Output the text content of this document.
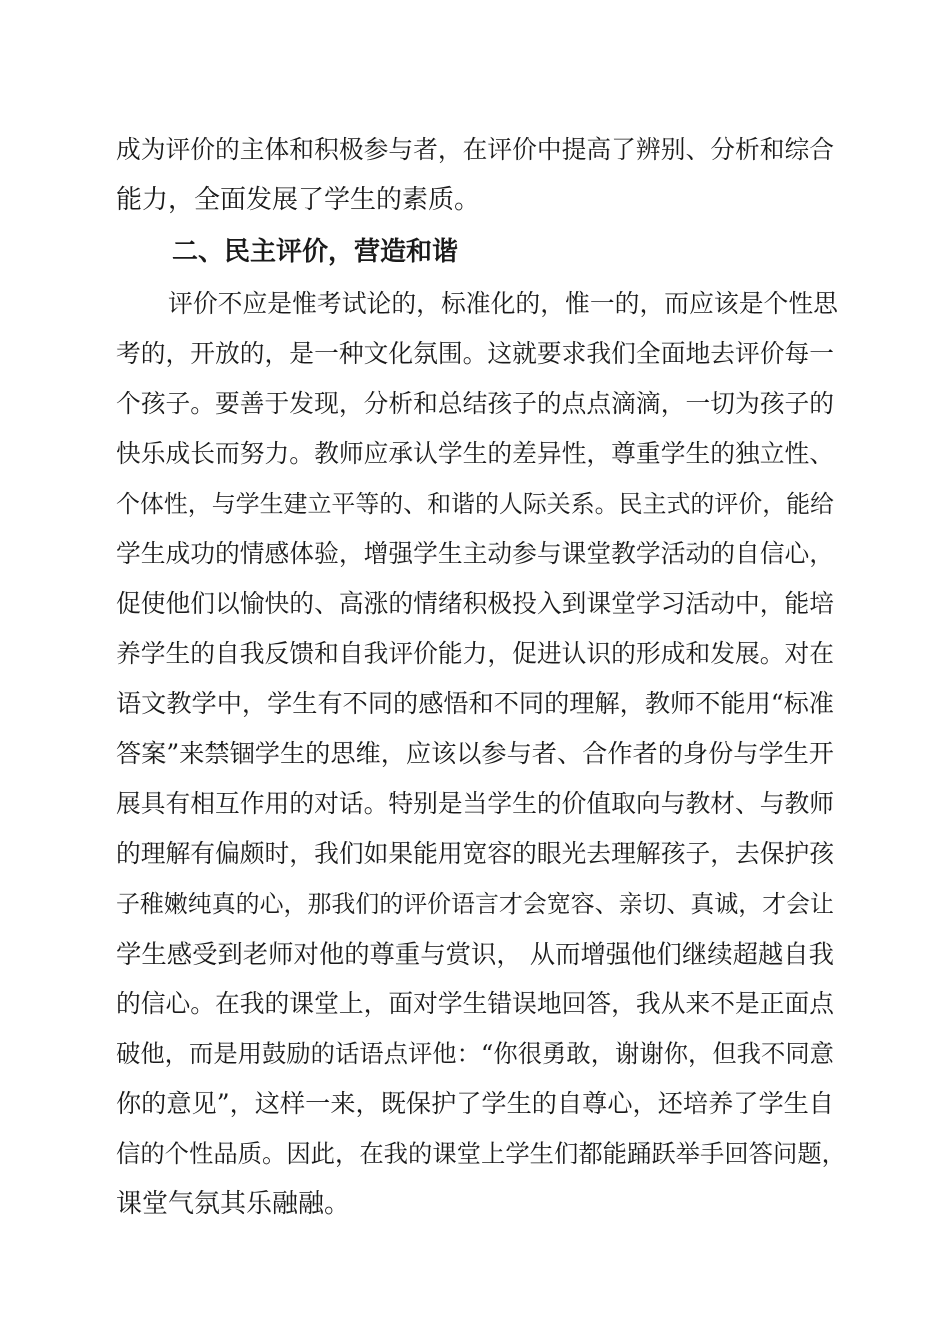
成为评价的主体和积极参与者，在评价中提高了辨别、分析和综合
能力，全面发展了学生的素质。
二、民主评价，营造和谐
评价不应是惟考试论的，标准化的，惟一的，而应该是个性思
考的，开放的，是一种文化氛围。这就要求我们全面地去评价每一
个孩子。要善于发现，分析和总结孩子的点点滴滴，一切为孩子的
快乐成长而努力。教师应承认学生的差异性，尊重学生的独立性、
个体性，与学生建立平等的、和谐的人际关系。民主式的评价，能给
学生成功的情感体验，增强学生主动参与课堂教学活动的自信心，
促使他们以愉快的、高涨的情绪积极投入到课堂学习活动中，能培
养学生的自我反馈和自我评价能力，促进认识的形成和发展。对在
语文教学中，学生有不同的感悟和不同的理解，教师不能用“标准
答案”来禁锢学生的思维，应该以参与者、合作者的身份与学生开
展具有相互作用的对话。特别是当学生的价值取向与教材、与教师
的理解有偏颇时，我们如果能用宽容的眼光去理解孩子，去保护孩
子稚嫩纯真的心，那我们的评价语言才会宽容、亲切、真诚，才会让
学生感受到老师对他的尊重与赏识， 从而增强他们继续超越自我
的信心。在我的课堂上，面对学生错误地回答，我从来不是正面点
破他，而是用鼓励的话语点评他：“你很勇敢，谢谢你，但我不同意
你的意见”，这样一来，既保护了学生的自尊心，还培养了学生自
信的个性品质。因此，在我的课堂上学生们都能踊跃举手回答问题，
课堂气氛其乐融融。
